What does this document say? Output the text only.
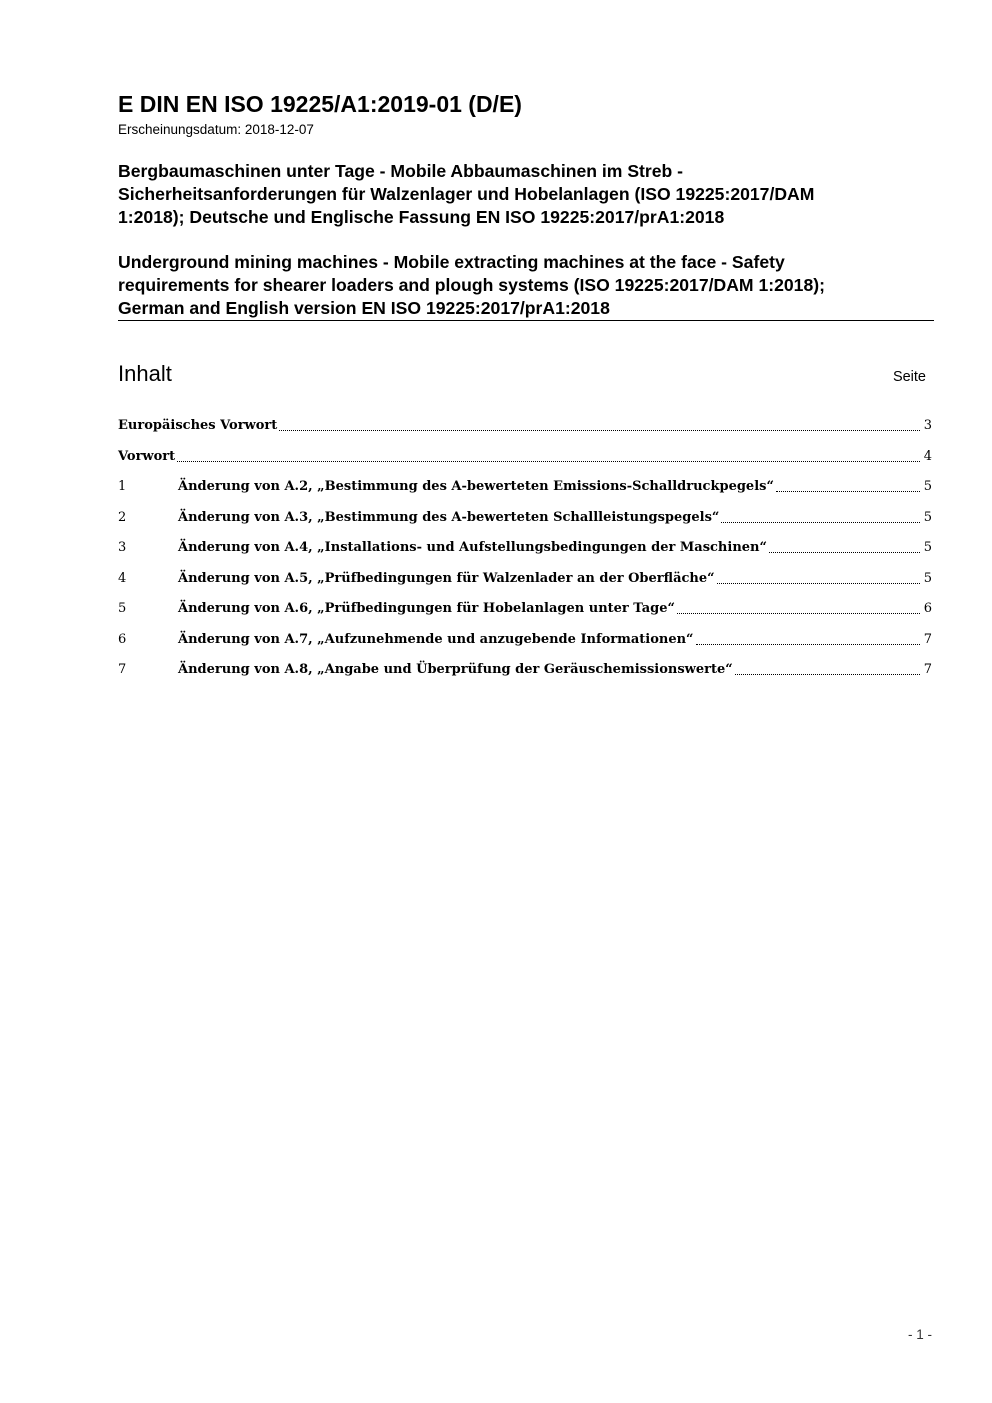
E DIN EN ISO 19225/A1:2019-01 (D/E)
Erscheinungsdatum: 2018-12-07
Bergbaumaschinen unter Tage - Mobile Abbaumaschinen im Streb -
Sicherheitsanforderungen für Walzenlager und Hobelanlagen (ISO 19225:2017/DAM
1:2018); Deutsche und Englische Fassung EN ISO 19225:2017/prA1:2018
Underground mining machines - Mobile extracting machines at the face - Safety
requirements for shearer loaders and plough systems (ISO 19225:2017/DAM 1:2018);
German and English version EN ISO 19225:2017/prA1:2018
Inhalt	Seite
Europäisches Vorwort	3
Vorwort	4
1	Änderung von A.2, „Bestimmung des A-bewerteten Emissions-Schalldruckpegels“	5
2	Änderung von A.3, „Bestimmung des A-bewerteten Schallleistungspegels“	5
3	Änderung von A.4, „Installations- und Aufstellungsbedingungen der Maschinen“	5
4	Änderung von A.5, „Prüfbedingungen für Walzenlader an der Oberfläche“	5
5	Änderung von A.6, „Prüfbedingungen für Hobelanlagen unter Tage“	6
6	Änderung von A.7, „Aufzunehmende und anzugebende Informationen“	7
7	Änderung von A.8, „Angabe und Überprüfung der Geräuschemissionswerte“	7
- 1 -
